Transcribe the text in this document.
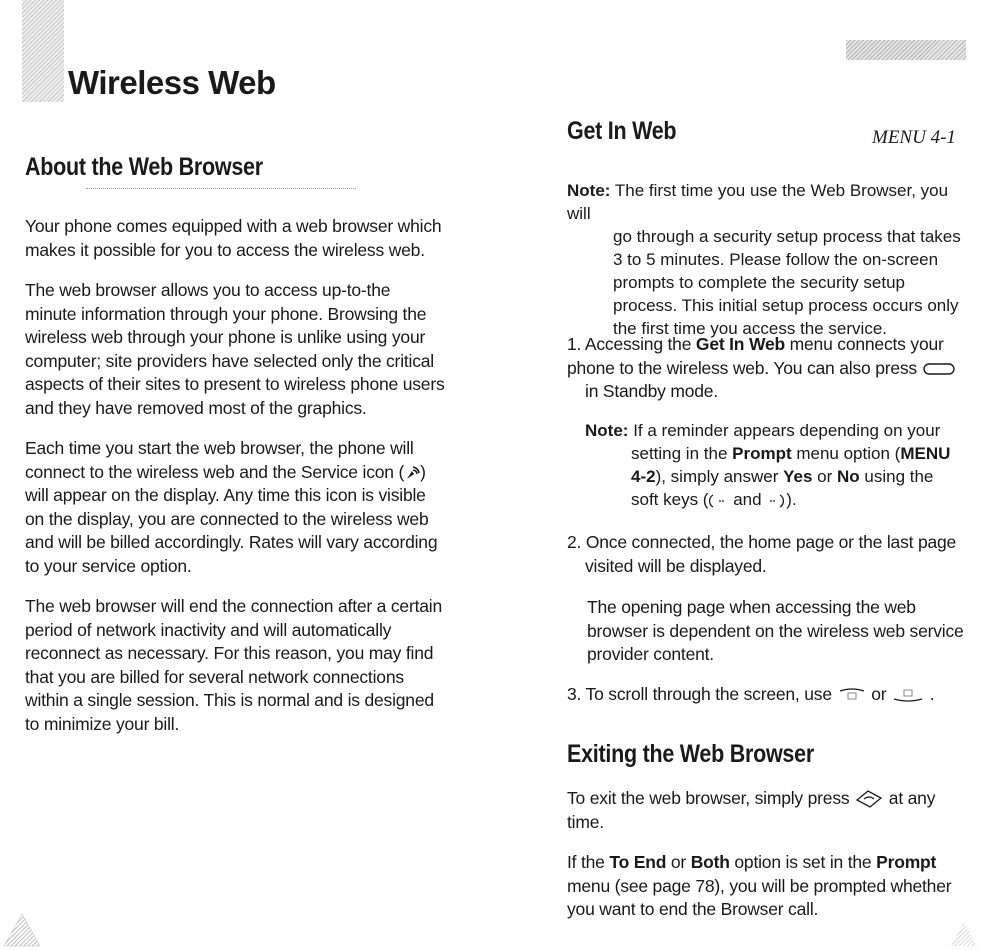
Wireless Web
About the Web Browser

Your phone comes equipped with a web browser which makes it possible for you to access the wireless web.

The web browser allows you to access up-to-the minute information through your phone. Browsing the wireless web through your phone is unlike using your computer; site providers have selected only the critical aspects of their sites to present to wireless phone users and they have removed most of the graphics.

Each time you start the web browser, the phone will connect to the wireless web and the Service icon ( ) will appear on the display. Any time this icon is visible on the display, you are connected to the wireless web and will be billed accordingly. Rates will vary according to your service option.

The web browser will end the connection after a certain period of network inactivity and will automatically reconnect as necessary. For this reason, you may find that you are billed for several network connections within a single session. This is normal and is designed to minimize your bill.

Get In Web	MENU 4-1
Note: The first time you use the Web Browser, you will
go through a security setup process that takes 3 to 5 minutes. Please follow the on-screen prompts to complete the security setup process. This initial setup process occurs only the first time you access the service.
1. Accessing the Get In Web menu connects your phone to the wireless web. You can also press
in Standby mode.
Note: If a reminder appears depending on your
setting in the Prompt menu option (MENU 4-2), simply answer Yes or No using the soft keys ( and ).
2. Once connected, the home page or the last page visited will be displayed.
The opening page when accessing the web browser is dependent on the wireless web service provider content.
3. To scroll through the screen, use or .
Exiting the Web Browser
To exit the web browser, simply press at any time.
If the To End or Both option is set in the Prompt menu (see page 78), you will be prompted whether you want to end the Browser call.
